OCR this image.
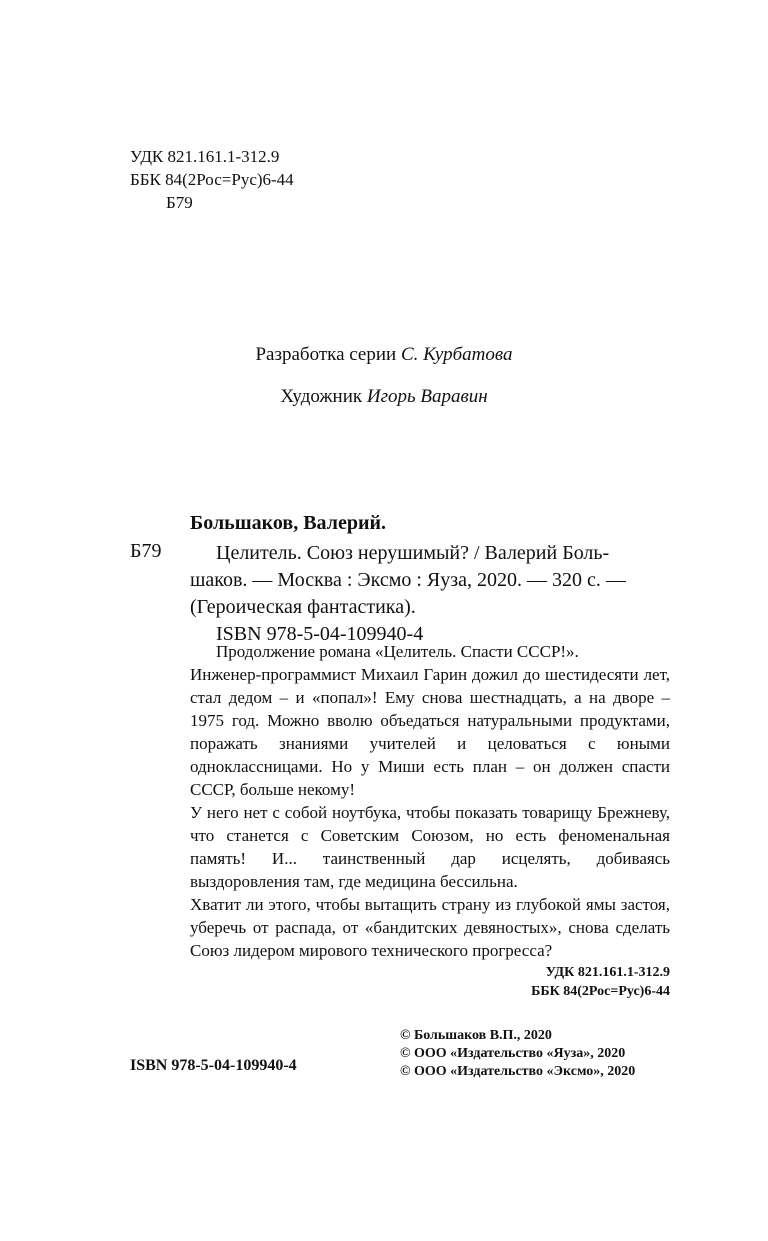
УДК 821.161.1-312.9
ББК 84(2Рос=Рус)6-44
Б79
Разработка серии С. Курбатова
Художник Игорь Варавин
Большаков, Валерий.
Б79	Целитель. Союз нерушимый? / Валерий Боль-
шаков. — Москва : Эксмо : Яуза, 2020. — 320 с. —
(Героическая фантастика).
ISBN 978-5-04-109940-4

Продолжение романа «Целитель. Спасти СССР!».

Инженер-программист Михаил Гарин дожил до шестидесяти лет, стал дедом – и «попал»! Ему снова шестнадцать, а на дворе – 1975 год. Можно вволю объедаться натуральными продуктами, поражать знаниями учителей и целоваться с юными одноклассницами. Но у Миши есть план – он должен спасти СССР, больше некому!

У него нет с собой ноутбука, чтобы показать товарищу Брежневу, что станется с Советским Союзом, но есть феноменальная память! И... таинственный дар исцелять, добиваясь выздоровления там, где медицина бессильна.

Хватит ли этого, чтобы вытащить страну из глубокой ямы застоя, уберечь от распада, от «бандитских девяностых», снова сделать Союз лидером мирового технического прогресса?

УДК 821.161.1-312.9
ББК 84(2Рос=Рус)6-44
ISBN 978-5-04-109940-4
© Большаков В.П., 2020
© ООО «Издательство «Яуза», 2020
© ООО «Издательство «Эксмо», 2020
